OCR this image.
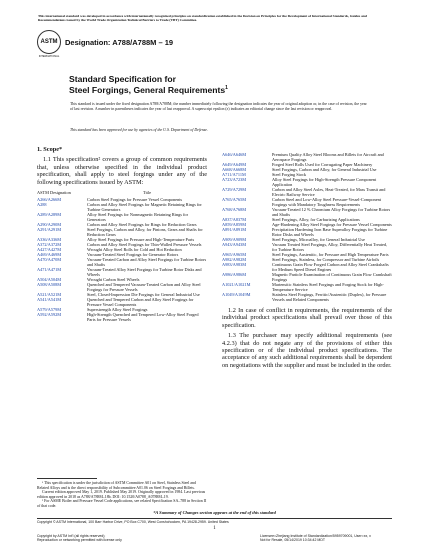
This international standard was developed in accordance with internationally recognized principles on standardization established in the Decision on Principles for the Development of International Standards, Guides and Recommendations issued by the World Trade Organization Technical Barriers to Trade (TBT) Committee.
ASTM
INTERNATIONAL
Designation: A788/A788M – 19
Standard Specification for
Steel Forgings, General Requirements$^1$
This standard is issued under the fixed designation A788/A788M; the number immediately following the designation indicates the year of original adoption or, in the case of revision, the year of last revision. A number in parentheses indicates the year of last reapproval. A superscript epsilon (ε) indicates an editorial change since the last revision or reapproval.
This standard has been approved for use by agencies of the U.S. Department of Defense.
1. Scope*
1.1 This specification² covers a group of common requirements that, unless otherwise specified in the individual product specification, shall apply to steel forgings under any of the following specifications issued by ASTM:
ASTM Designation	Title
A266/A266M	Carbon Steel Forgings for Pressure Vessel Components
A288	Carbon and Alloy Steel Forgings for Magnetic Retaining Rings for Turbine Generators
A289/A289M	Alloy Steel Forgings for Nonmagnetic Retaining Rings for Generators
A290/A290M	Carbon and Alloy Steel Forgings for Rings for Reduction Gears
A291/A291M	Steel Forgings, Carbon and Alloy, for Pinions, Gears and Shafts for Reduction Gears
A336/A336M	Alloy Steel Forgings for Pressure and High-Temperature Parts
A372/A372M	Carbon and Alloy Steel Forgings for Thin-Walled Pressure Vessels
A427/A427M	Wrought Alloy Steel Rolls for Cold and Hot Reduction
A469/A469M	Vacuum-Treated Steel Forgings for Generator Rotors
A470/A470M	Vacuum-Treated Carbon and Alloy Steel Forgings for Turbine Rotors and Shafts
A471/A471M	Vacuum-Treated Alloy Steel Forgings for Turbine Rotor Disks and Wheels
A504/A504M	Wrought Carbon Steel Wheels
A508/A508M	Quenched and Tempered Vacuum-Treated Carbon and Alloy Steel Forgings for Pressure Vessels
A521/A521M	Steel, Closed-Impression Die Forgings for General Industrial Use
A541/A541M	Quenched and Tempered Carbon and Alloy Steel Forgings for Pressure Vessel Components
A579/A579M	Superstrength Alloy Steel Forgings
A592/A592M	High-Strength Quenched and Tempered Low-Alloy Steel Forged Parts for Pressure Vessels
A646/A646M	Premium Quality Alloy Steel Blooms and Billets for Aircraft and Aerospace Forgings
A649/A649M	Forged Steel Rolls Used for Corrugating Paper Machinery
A668/A668M	Steel Forgings, Carbon and Alloy, for General Industrial Use
A711/A711M	Steel Forging Stock
A723/A723M	Alloy Steel Forgings for High-Strength Pressure Component Application
A729/A729M	Carbon and Alloy Steel Axles, Heat-Treated, for Mass Transit and Electric Railway Service
A765/A765M	Carbon Steel and Low-Alloy Steel Pressure-Vessel-Component Forgings with Mandatory Toughness Requirements
A768/A768M	Vacuum-Treated 12 % Chromium Alloy Forgings for Turbine Rotors and Shafts
A837/A837M	Steel Forgings, Alloy, for Carburizing Applications
A859/A859M	Age-Hardening Alloy Steel Forgings for Pressure Vessel Components
A891/A891M	Precipitation Hardening Iron Base Superalloy Forgings for Turbine Rotor Disks and Wheels
A909/A909M	Steel Forgings, Microalloy, for General Industrial Use
A943/A943M	Vacuum Treated Steel Forgings, Alloy, Differentially Heat Treated, for Turbine Rotors
A965/A965M	Steel Forgings, Austenitic, for Pressure and High Temperature Parts
A982/A982M	Steel Forgings, Stainless, for Compressor and Turbine Airfoils
A983/A983M	Continuous Grain Flow Forged Carbon and Alloy Steel Crankshafts for Medium Speed Diesel Engines
A986/A986M	Magnetic Particle Examination of Continuous Grain Flow Crankshaft Forgings
A1021/A1021M	Martensitic Stainless Steel Forgings and Forging Stock for High-Temperature Service
A1049/A1049M	Stainless Steel Forgings, Ferritic/Austenitic (Duplex), for Pressure Vessels and Related Components
1.2 In case of conflict in requirements, the requirements of the individual product specifications shall prevail over those of this specification.
1.3 The purchaser may specify additional requirements (see 4.2.3) that do not negate any of the provisions of either this specification or of the individual product specifications. The acceptance of any such additional requirements shall be dependent on negotiations with the supplier and must be included in the order.
¹ This specification is under the jurisdiction of ASTM Committee A01 on Steel, Stainless Steel and Related Alloys and is the direct responsibility of Subcommittee A01.06 on Steel Forgings and Billets.
Current edition approved May 1, 2019. Published May 2019. Originally approved in 1984. Last previous edition approved in 2018 as A788/A788M–18b. DOI: 10.1520/A0788_A0788M–19.
² For ASME Boiler and Pressure Vessel Code applications, see related Specification SA–788 in Section II of that code.
*A Summary of Changes section appears at the end of this standard
Copyright © ASTM International, 100 Barr Harbor Drive, PO Box C700, West Conshohocken, PA 19428-2959. United States
1
Copyright by ASTM Int'l (all rights reserved);
Reproduction or networking permitted with license only
Licensee=Zhejiang Institute of Standardization/5959709001, User=xx, x
Not for Resale, 05/14/2019 10:34:42 MDT
